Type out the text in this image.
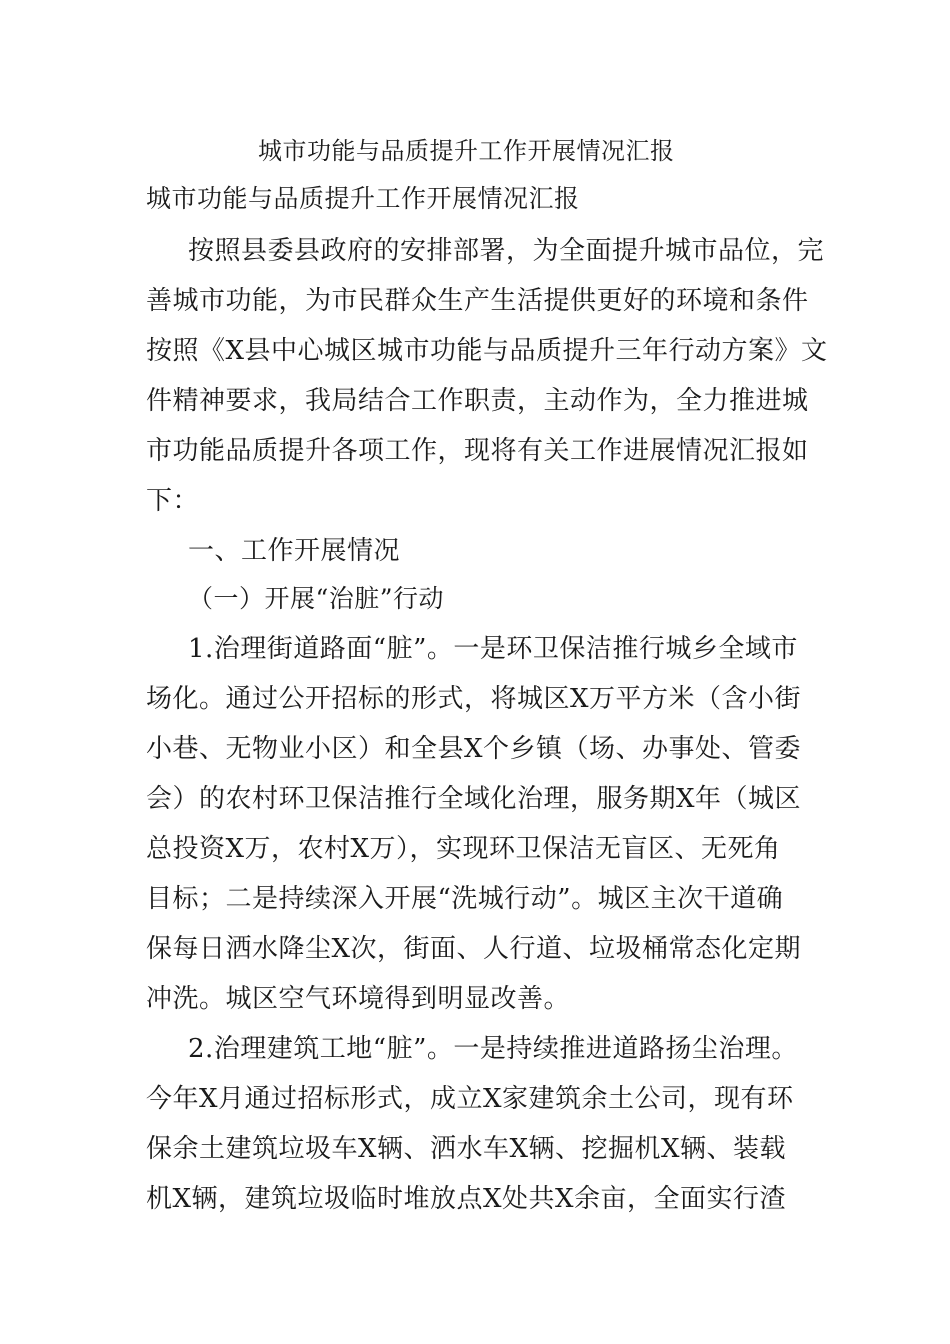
城市功能与品质提升工作开展情况汇报
城市功能与品质提升工作开展情况汇报
按照县委县政府的安排部署，为全面提升城市品位，完
善城市功能，为市民群众生产生活提供更好的环境和条件
按照《X县中心城区城市功能与品质提升三年行动方案》文
件精神要求，我局结合工作职责，主动作为，全力推进城
市功能品质提升各项工作，现将有关工作进展情况汇报如
下：
一、工作开展情况
（一）开展“治脏”行动
1.治理街道路面“脏”。一是环卫保洁推行城乡全域市
场化。通过公开招标的形式，将城区X万平方米（含小街
小巷、无物业小区）和全县X个乡镇（场、办事处、管委
会）的农村环卫保洁推行全域化治理，服务期X年（城区
总投资X万，农村X万），实现环卫保洁无盲区、无死角
目标；二是持续深入开展“洗城行动”。城区主次干道确
保每日洒水降尘X次，街面、人行道、垃圾桶常态化定期
冲洗。城区空气环境得到明显改善。
2.治理建筑工地“脏”。一是持续推进道路扬尘治理。
今年X月通过招标形式，成立X家建筑余土公司，现有环
保余土建筑垃圾车X辆、洒水车X辆、挖掘机X辆、装载
机X辆，建筑垃圾临时堆放点X处共X余亩，全面实行渣
